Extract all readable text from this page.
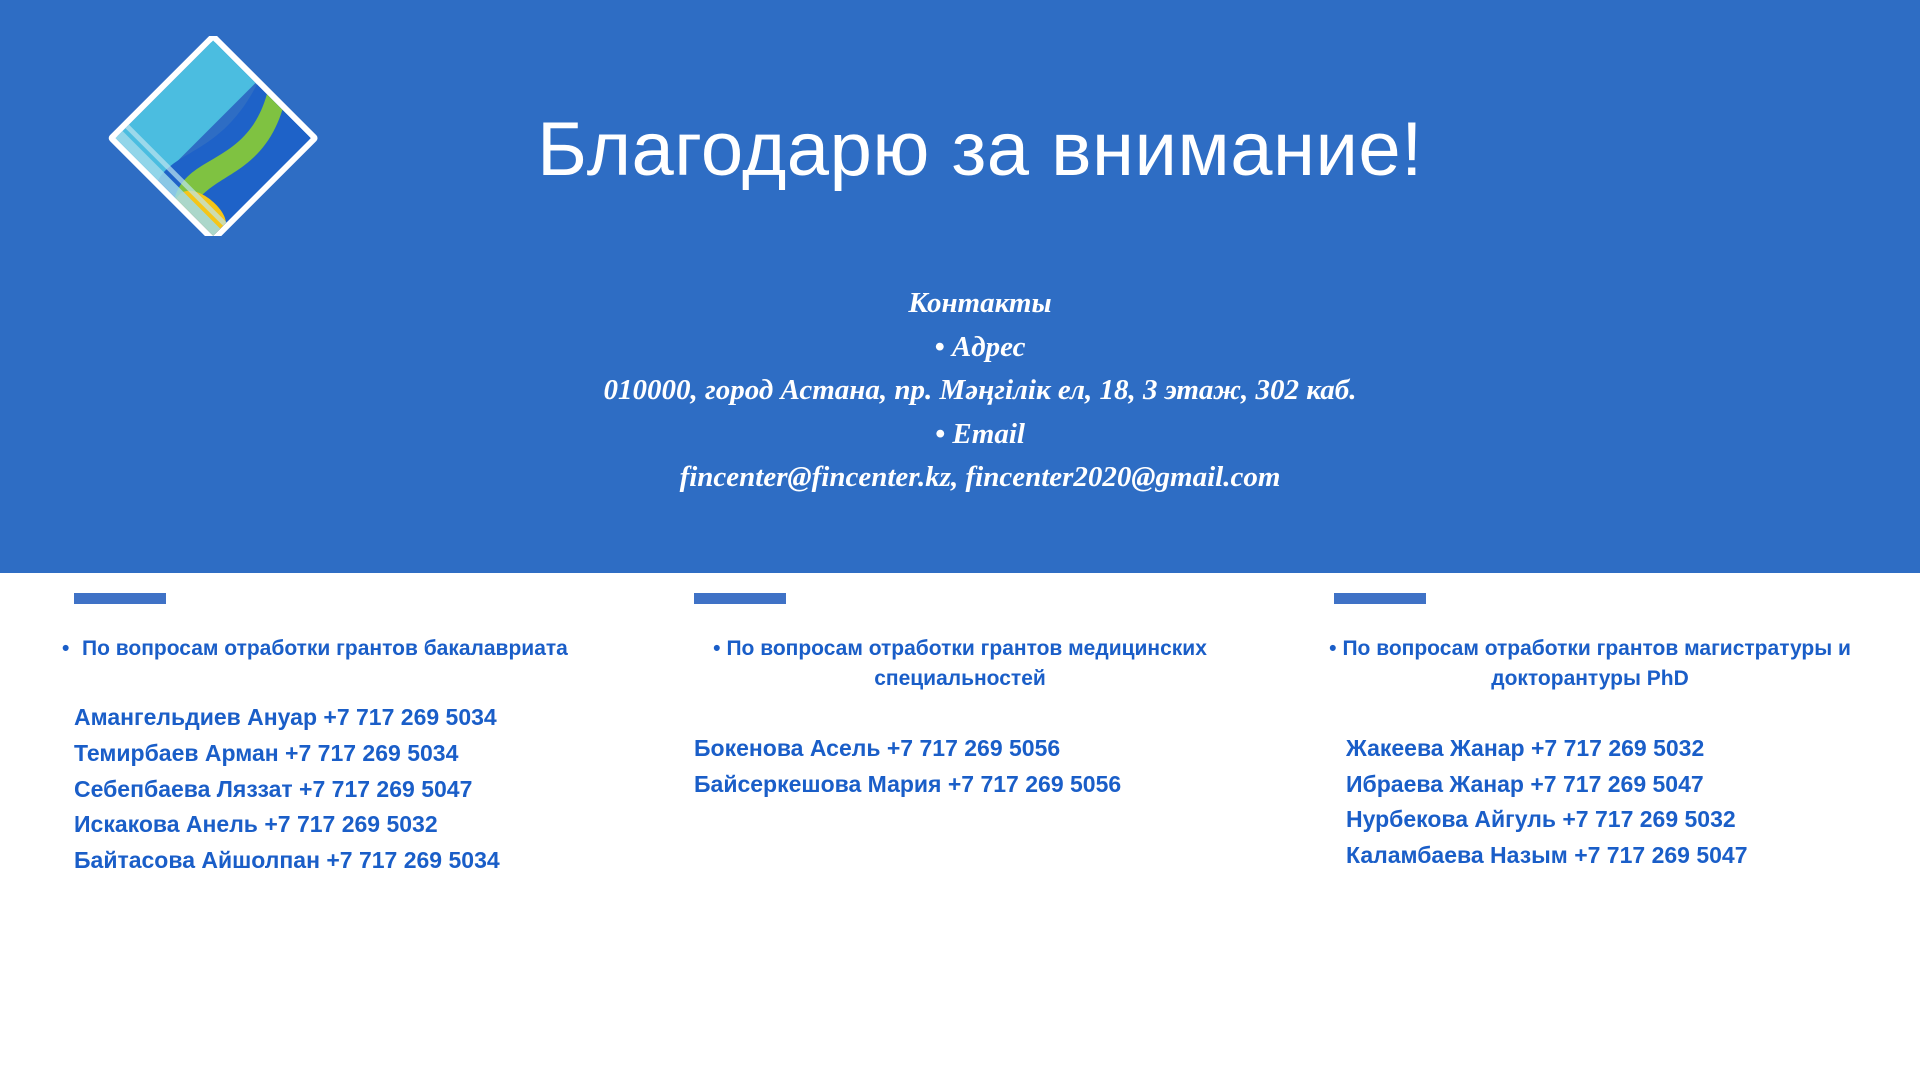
Благодарю за внимание!
Контакты
• Адрес
010000, город Астана, пр. Мәңгілік ел, 18, 3 этаж, 302 каб.
• Email
fincenter@fincenter.kz, fincenter2020@gmail.com
• По вопросам отработки грантов бакалавриата
Амангельдиев Ануар +7 717 269 5034
Темирбаев Арман +7 717 269 5034
Себепбаева Ляззат +7 717 269 5047
Искакова Анель +7 717 269 5032
Байтасова Айшолпан +7 717 269 5034
• По вопросам отработки грантов медицинских специальностей
Бокенова Асель +7 717 269 5056
Байсеркешова Мария +7 717 269 5056
• По вопросам отработки грантов магистратуры и докторантуры PhD
Жакеева Жанар +7 717 269 5032
Ибраева Жанар +7 717 269 5047
Нурбекова Айгуль +7 717 269 5032
Каламбаева Назым +7 717 269 5047
